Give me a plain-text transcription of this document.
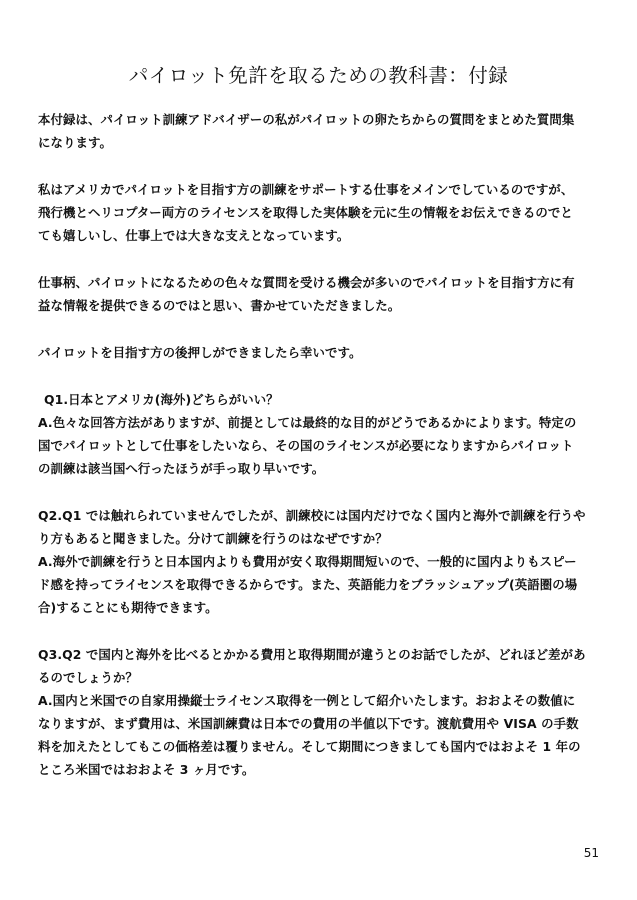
パイロット免許を取るための教科書：付録

本付録は、パイロット訓練アドバイザーの私がパイロットの卵たちからの質問をまとめた質問集
になります。

私はアメリカでパイロットを目指す方の訓練をサポートする仕事をメインでしているのですが、
飛行機とヘリコプター両方のライセンスを取得した実体験を元に生の情報をお伝えできるのでと
ても嬉しいし、仕事上では大きな支えとなっています。

仕事柄、パイロットになるための色々な質問を受ける機会が多いのでパイロットを目指す方に有
益な情報を提供できるのではと思い、書かせていただきました。

パイロットを目指す方の後押しができましたら幸いです。

Q1.日本とアメリカ(海外)どちらがいい？
A.色々な回答方法がありますが、前提としては最終的な目的がどうであるかによります。特定の
国でパイロットとして仕事をしたいなら、その国のライセンスが必要になりますからパイロット
の訓練は該当国へ行ったほうが手っ取り早いです。

Q2.Q1 では触れられていませんでしたが、訓練校には国内だけでなく国内と海外で訓練を行うや
り方もあると聞きました。分けて訓練を行うのはなぜですか？
A.海外で訓練を行うと日本国内よりも費用が安く取得期間短いので、一般的に国内よりもスピー
ド感を持ってライセンスを取得できるからです。また、英語能力をブラッシュアップ(英語圏の場
合)することにも期待できます。

Q3.Q2 で国内と海外を比べるとかかる費用と取得期間が違うとのお話でしたが、どれほど差があ
るのでしょうか？
A.国内と米国での自家用操縦士ライセンス取得を一例として紹介いたします。おおよその数値に
なりますが、まず費用は、米国訓練費は日本での費用の半値以下です。渡航費用や VISA の手数
料を加えたとしてもこの価格差は覆りません。そして期間につきましても国内ではおよそ 1 年の
ところ米国ではおおよそ 3 ヶ月です。

51
